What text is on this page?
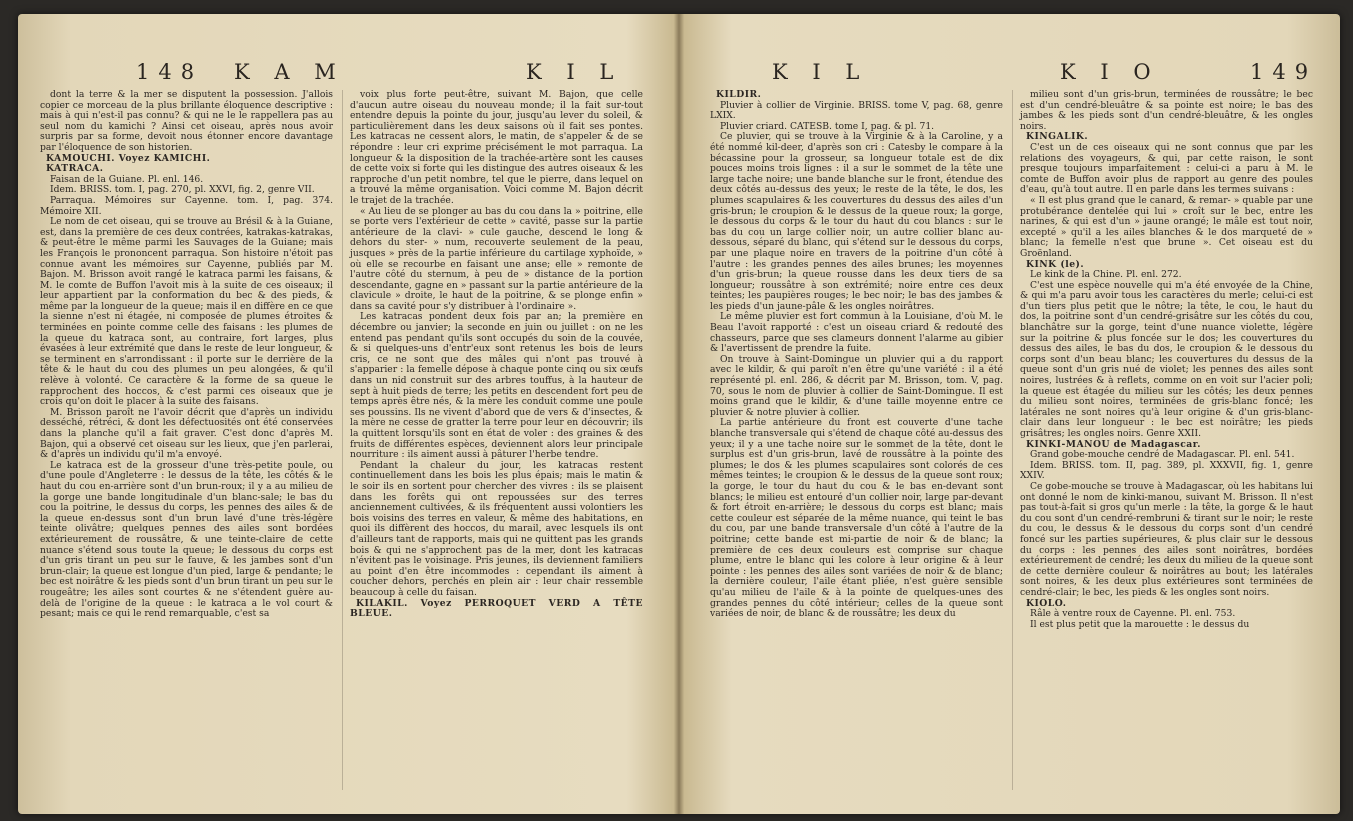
148 K A M	K I L

dont la terre & la mer se disputent la possession. J'allois copier ce morceau de la plus brillante éloquence descriptive : mais à qui n'est-il pas connu? & qui ne le le rappellera pas au seul nom du kamichi ? Ainsi cet oiseau, après nous avoir surpris par sa forme, devoit nous étonner encore davantage par l'éloquence de son historien.

KAMOUCHI. Voyez KAMICHI.

KATRACA.

Faisan de la Guiane. Pl. enl. 146.

Idem. BRISS. tom. I, pag. 270, pl. XXVI, fig. 2, genre VII.

Parraqua. Mémoires sur Cayenne. tom. I, pag. 374. Mémoire XII.

Le nom de cet oiseau, qui se trouve au Brésil & à la Guiane, est, dans la première de ces deux contrées, katrakas-katrakas, & peut-être le même parmi les Sauvages de la Guiane; mais les François le prononcent parraqua. Son histoire n'étoit pas connue avant les mémoires sur Cayenne, publiés par M. Bajon. M. Brisson avoit rangé le katraca parmi les faisans, & M. le comte de Buffon l'avoit mis à la suite de ces oiseaux; il leur appartient par la conformation du bec & des pieds, & même par la longueur de la queue; mais il en diffère en ce que la sienne n'est ni étagée, ni composée de plumes étroites & terminées en pointe comme celle des faisans : les plumes de la queue du katraca sont, au contraire, fort larges, plus évasées à leur extrémité que dans le reste de leur longueur, & se terminent en s'arrondissant : il porte sur le derrière de la tête & le haut du cou des plumes un peu alongées, & qu'il relève à volonté. Ce caractère & la forme de sa queue le rapprochent des hoccos, & c'est parmi ces oiseaux que je crois qu'on doit le placer à la suite des faisans.

M. Brisson paroît ne l'avoir décrit que d'après un individu desséché, rétréci, & dont les défectuosités ont été conservées dans la planche qu'il a fait graver. C'est donc d'après M. Bajon, qui a observé cet oiseau sur les lieux, que j'en parlerai, & d'après un individu qu'il m'a envoyé.

Le katraca est de la grosseur d'une très-petite poule, ou d'une poule d'Angleterre : le dessus de la tête, les côtés & le haut du cou en-arrière sont d'un brun-roux; il y a au milieu de la gorge une bande longitudinale d'un blanc-sale; le bas du cou la poitrine, le dessus du corps, les pennes des ailes & de la queue en-dessus sont d'un brun lavé d'une très-légère teinte olivâtre; quelques pennes des ailes sont bordées extérieurement de roussâtre, & une teinte-claire de cette nuance s'étend sous toute la queue; le dessous du corps est d'un gris tirant un peu sur le fauve, & les jambes sont d'un brun-clair; la queue est longue d'un pied, large & pendante; le bec est noirâtre & les pieds sont d'un brun tirant un peu sur le rougeâtre; les ailes sont courtes & ne s'étendent guère au-delà de l'origine de la queue : le katraca a le vol court & pesant; mais ce qui le rend remarquable, c'est sa

voix plus forte peut-être, suivant M. Bajon, que celle d'aucun autre oiseau du nouveau monde; il la fait sur-tout entendre depuis la pointe du jour, jusqu'au lever du soleil, & particulièrement dans les deux saisons où il fait ses pontes. Les katracas ne cessent alors, le matin, de s'appeler & de se répondre : leur cri exprime précisément le mot parraqua. La longueur & la disposition de la trachée-artère sont les causes de cette voix si forte qui les distingue des autres oiseaux & les rapproche d'un petit nombre, tel que le pierre, dans lequel on a trouvé la même organisation. Voici comme M. Bajon décrit le trajet de la trachée.

« Au lieu de se plonger au bas du cou dans la » poitrine, elle se porte vers l'extérieur de cette » cavité, passe sur la partie antérieure de la clavi- » cule gauche, descend le long & dehors du ster- » num, recouverte seulement de la peau, jusques » près de la partie inférieure du cartilage xyphoïde, » où elle se recourbe en faisant une anse; elle » remonte de l'autre côté du sternum, à peu de » distance de la portion descendante, gagne en » passant sur la partie antérieure de la clavicule » droite, le haut de la poitrine, & se plonge enfin » dans sa cavité pour s'y distribuer à l'ordinaire ».

Les katracas pondent deux fois par an; la première en décembre ou janvier; la seconde en juin ou juillet : on ne les entend pas pendant qu'ils sont occupés du soin de la couvée, & si quelques-uns d'entr'eux sont retenus les bois de leurs cris, ce ne sont que des mâles qui n'ont pas trouvé à s'apparier : la femelle dépose à chaque ponte cinq ou six œufs dans un nid construit sur des arbres touffus, à la hauteur de sept à huit pieds de terre; les petits en descendent fort peu de temps après être nés, & la mère les conduit comme une poule ses poussins. Ils ne vivent d'abord que de vers & d'insectes, & la mère ne cesse de gratter la terre pour leur en découvrir; ils la quittent lorsqu'ils sont en état de voler : des graines & des fruits de différentes espèces, deviennent alors leur principale nourriture : ils aiment aussi à pâturer l'herbe tendre.

Pendant la chaleur du jour, les katracas restent continuellement dans les bois les plus épais; mais le matin & le soir ils en sortent pour chercher des vivres : ils se plaisent dans les forêts qui ont repoussées sur des terres anciennement cultivées, & ils fréquentent aussi volontiers les bois voisins des terres en valeur, & même des habitations, en quoi ils diffèrent des hoccos, du marail, avec lesquels ils ont d'ailleurs tant de rapports, mais qui ne quittent pas les grands bois & qui ne s'approchent pas de la mer, dont les katracas n'évitent pas le voisinage. Pris jeunes, ils deviennent familiers au point d'en être incommodes : cependant ils aiment à coucher dehors, perchés en plein air : leur chair ressemble beaucoup à celle du faisan.

KILAKIL. Voyez PERROQUET VERD A TÊTE BLEUE.

K I L	K I O	149

KILDIR.

Pluvier à collier de Virginie. BRISS. tome V, pag. 68, genre LXIX.

Pluvier criard. CATESB. tome I, pag. & pl. 71.

Ce pluvier, qui se trouve à la Virginie & à la Caroline, y a été nommé kil-deer, d'après son cri : Catesby le compare à la bécassine pour la grosseur, sa longueur totale est de dix pouces moins trois lignes : il a sur le sommet de la tête une large tache noire; une bande blanche sur le front, étendue des deux côtés au-dessus des yeux; le reste de la tête, le dos, les plumes scapulaires & les couvertures du dessus des ailes d'un gris-brun; le croupion & le dessus de la queue roux; la gorge, le dessous du corps & le tour du haut du cou blancs : sur le bas du cou un large collier noir, un autre collier blanc au-dessous, séparé du blanc, qui s'étend sur le dessous du corps, par une plaque noire en travers de la poitrine d'un côté à l'autre : les grandes pennes des ailes brunes; les moyennes d'un gris-brun; la queue rousse dans les deux tiers de sa longueur; roussâtre à son extrémité; noire entre ces deux teintes; les paupières rouges; le bec noir; le bas des jambes & les pieds d'un jaune-pâle & les ongles noirâtres.

Le même pluvier est fort commun à la Louisiane, d'où M. le Beau l'avoit rapporté : c'est un oiseau criard & redouté des chasseurs, parce que ses clameurs donnent l'alarme au gibier & l'avertissent de prendre la fuite.

On trouve à Saint-Domingue un pluvier qui a du rapport avec le kildir, & qui paroît n'en être qu'une variété : il a été représenté pl. enl. 286, & décrit par M. Brisson, tom. V, pag. 70, sous le nom de pluvier à collier de Saint-Domingue. Il est moins grand que le kildir, & d'une taille moyenne entre ce pluvier & notre pluvier à collier.

La partie antérieure du front est couverte d'une tache blanche transversale qui s'étend de chaque côté au-dessus des yeux; il y a une tache noire sur le sommet de la tête, dont le surplus est d'un gris-brun, lavé de roussâtre à la pointe des plumes; le dos & les plumes scapulaires sont colorés de ces mêmes teintes; le croupion & le dessus de la queue sont roux; la gorge, le tour du haut du cou & le bas en-devant sont blancs; le milieu est entouré d'un collier noir, large par-devant & fort étroit en-arrière; le dessous du corps est blanc; mais cette couleur est séparée de la même nuance, qui teint le bas du cou, par une bande transversale d'un côté à l'autre de la poitrine; cette bande est mi-partie de noir & de blanc; la première de ces deux couleurs est comprise sur chaque plume, entre le blanc qui les colore à leur origine & à leur pointe : les pennes des ailes sont variées de noir & de blanc; la dernière couleur, l'aile étant pliée, n'est guère sensible qu'au milieu de l'aile & à la pointe de quelques-unes des grandes pennes du côté intérieur; celles de la queue sont variées de noir, de blanc & de roussâtre; les deux du

milieu sont d'un gris-brun, terminées de roussâtre; le bec est d'un cendré-bleuâtre & sa pointe est noire; le bas des jambes & les pieds sont d'un cendré-bleuâtre, & les ongles noirs.

KINGALIK.

C'est un de ces oiseaux qui ne sont connus que par les relations des voyageurs, & qui, par cette raison, le sont presque toujours imparfaitement : celui-ci a paru à M. le comte de Buffon avoir plus de rapport au genre des poules d'eau, qu'à tout autre. Il en parle dans les termes suivans :

« Il est plus grand que le canard, & remar- » quable par une protubérance dentelée qui lui » croît sur le bec, entre les narines, & qui est d'un » jaune orangé; le mâle est tout noir, excepté » qu'il a les ailes blanches & le dos marqueté de » blanc; la femelle n'est que brune ». Cet oiseau est du Groënland.

KINK (le).

Le kink de la Chine. Pl. enl. 272.

C'est une espèce nouvelle qui m'a été envoyée de la Chine, & qui m'a paru avoir tous les caractères du merle; celui-ci est d'un tiers plus petit que le nôtre; la tête, le cou, le haut du dos, la poitrine sont d'un cendré-grisâtre sur les côtés du cou, blanchâtre sur la gorge, teint d'une nuance violette, légère sur la poitrine & plus foncée sur le dos; les couvertures du dessus des ailes, le bas du dos, le croupion & le dessous du corps sont d'un beau blanc; les couvertures du dessus de la queue sont d'un gris nué de violet; les pennes des ailes sont noires, lustrées & à reflets, comme on en voit sur l'acier poli; la queue est étagée du milieu sur les côtés; les deux pennes du milieu sont noires, terminées de gris-blanc foncé; les latérales ne sont noires qu'à leur origine & d'un gris-blanc-clair dans leur longueur : le bec est noirâtre; les pieds grisâtres; les ongles noirs. Genre XXII.

KINKI-MANOU de Madagascar.

Grand gobe-mouche cendré de Madagascar. Pl. enl. 541.

Idem. BRISS. tom. II, pag. 389, pl. XXXVII, fig. 1, genre XXIV.

Ce gobe-mouche se trouve à Madagascar, où les habitans lui ont donné le nom de kinki-manou, suivant M. Brisson. Il n'est pas tout-à-fait si gros qu'un merle : la tête, la gorge & le haut du cou sont d'un cendré-rembruni & tirant sur le noir; le reste du cou, le dessus & le dessous du corps sont d'un cendré foncé sur les parties supérieures, & plus clair sur le dessous du corps : les pennes des ailes sont noirâtres, bordées extérieurement de cendré; les deux du milieu de la queue sont de cette dernière couleur & noirâtres au bout; les latérales sont noires, & les deux plus extérieures sont terminées de cendré-clair; le bec, les pieds & les ongles sont noirs.

KIOLO.

Râle à ventre roux de Cayenne. Pl. enl. 753.

Il est plus petit que la marouette : le dessus du
